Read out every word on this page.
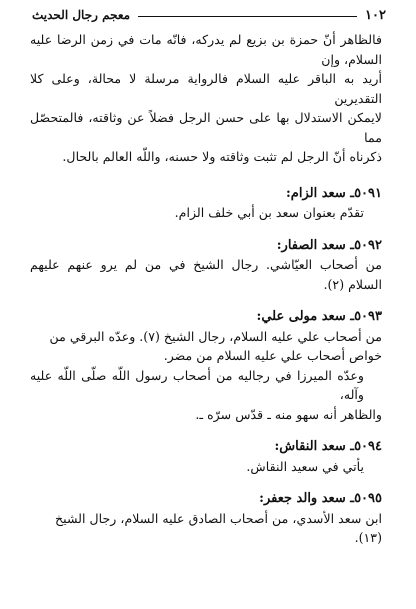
معجم رجال الحديث	١٠٢

فالظاهر أنّ حمزة بن بزيع لم يدركه، فانّه مات في زمن الرضا عليه السلام، وإن

أريد به الباقر عليه السلام فالرواية مرسلة لا محالة، وعلى كلا التقديرين

لايمكن الاستدلال بها على حسن الرجل فضلاً عن وثاقته، فالمتحصّل مما

ذكرناه أنّ الرجل لم تثبت وثاقته ولا حسنه، واللّه العالم بالحال.

٥٠٩١ـ سعد الزام:

تقدّم بعنوان سعد بن أبي خلف الزام.

٥٠٩٢ـ سعد الصفار:

من أصحاب العيّاشي. رجال الشيخ في من لم يرو عنهم عليهم السلام (٢).

٥٠٩٣ـ سعد مولى علي:

من أصحاب علي عليه السلام، رجال الشيخ (٧). وعدّه البرقي من

خواص أصحاب علي عليه السلام من مضر.

وعدّه الميرزا في رجاليه من أصحاب رسول اللّه صلّى اللّه عليه وآله،

والظاهر أنه سهو منه ـ قدّس سرّه ـ.

٥٠٩٤ـ سعد النقاش:

يأتي في سعيد النقاش.

٥٠٩٥ـ سعد والد جعفر:

ابن سعد الأسدي، من أصحاب الصادق عليه السلام، رجال الشيخ

(١٣).
